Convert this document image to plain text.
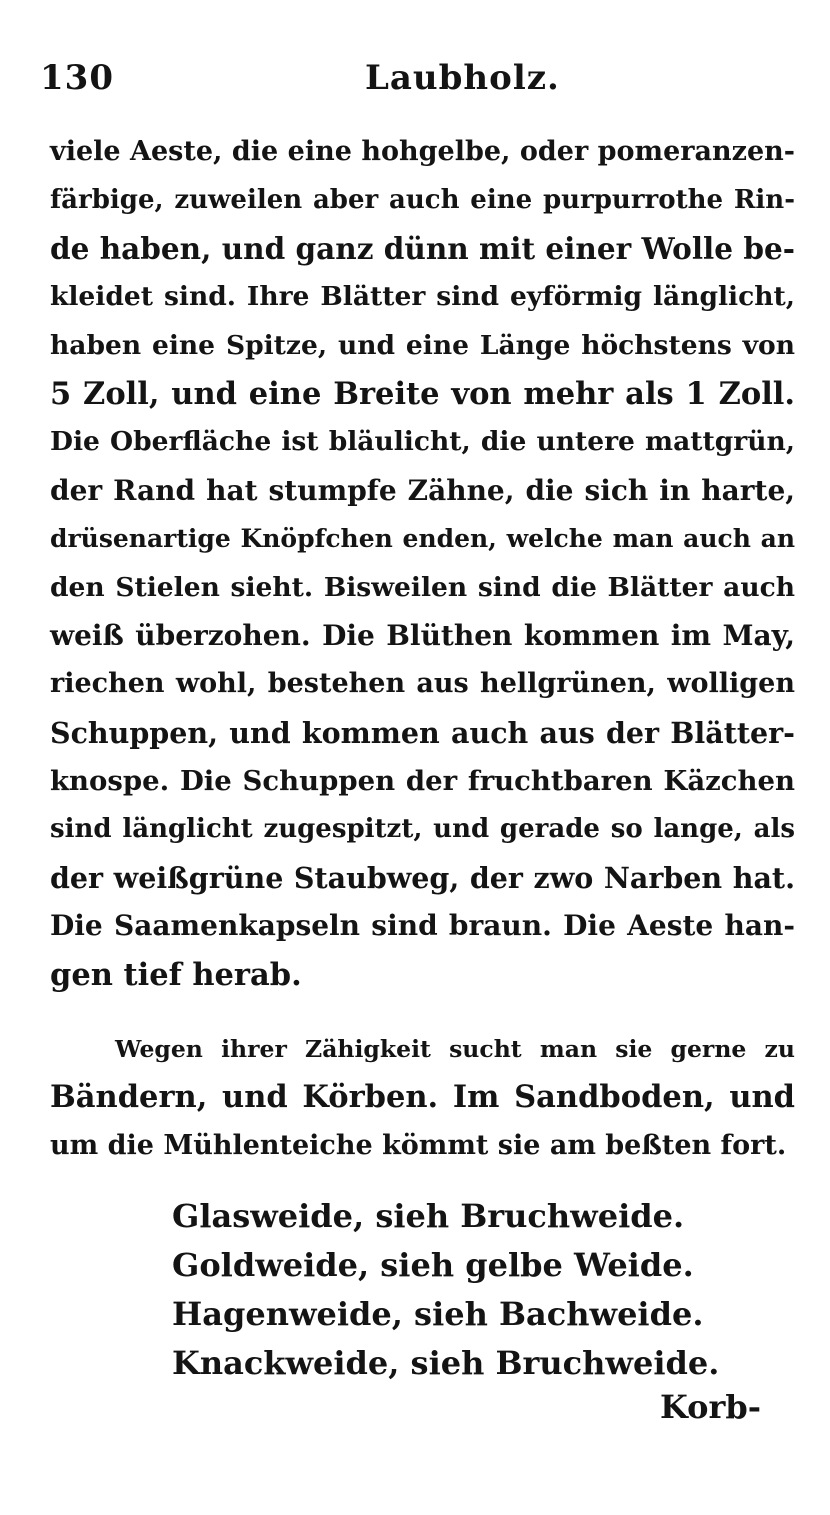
130	Laubholz.
viele Aeste, die eine hohgelbe, oder pomeranzen-
färbige, zuweilen aber auch eine purpurrothe Rin-
de haben, und ganz dünn mit einer Wolle be-
kleidet sind. Ihre Blätter sind eyförmig länglicht,
haben eine Spitze, und eine Länge höchstens von
5 Zoll, und eine Breite von mehr als 1 Zoll.
Die Oberfläche ist bläulicht, die untere mattgrün,
der Rand hat stumpfe Zähne, die sich in harte,
drüsenartige Knöpfchen enden, welche man auch an
den Stielen sieht. Bisweilen sind die Blätter auch
weiß überzohen. Die Blüthen kommen im May,
riechen wohl, bestehen aus hellgrünen, wolligen
Schuppen, und kommen auch aus der Blätter-
knospe. Die Schuppen der fruchtbaren Käzchen
sind länglicht zugespitzt, und gerade so lange, als
der weißgrüne Staubweg, der zwo Narben hat.
Die Saamenkapseln sind braun. Die Aeste han-
gen tief herab.
Wegen ihrer Zähigkeit sucht man sie gerne zu
Bändern, und Körben. Im Sandboden, und
um die Mühlenteiche kömmt sie am beßten fort.
Glasweide, sieh Bruchweide.
Goldweide, sieh gelbe Weide.
Hagenweide, sieh Bachweide.
Knackweide, sieh Bruchweide.
Korb-
